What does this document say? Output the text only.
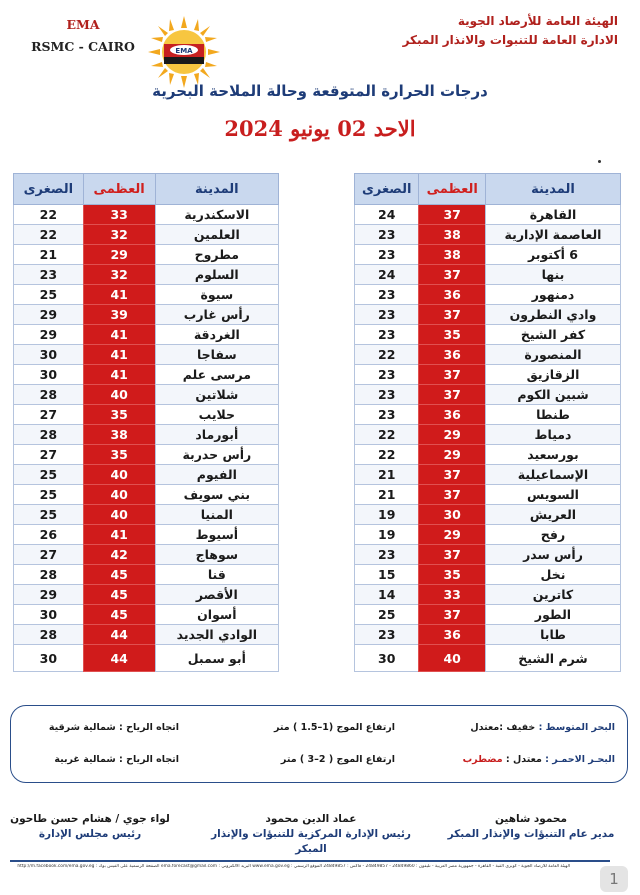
EMA
RSMC - CAIRO	EMA
الهيئة العامة للأرصاد الجوية
الادارة العامة للتنبوات والانذار المبكر
درجات الحرارة المتوقعة وحالة الملاحة البحرية
الاحد 02 يونيو 2024
المدينة	العظمى	الصغرى
الاسكندرية	33	22
العلمين	32	22
مطروح	29	21
السلوم	32	23
سيوة	41	25
رأس غارب	39	29
الغردقة	41	29
سفاجا	41	30
مرسى علم	41	30
شلاتين	40	28
حلايب	35	27
أبورماد	38	28
رأس حدربة	35	27
الفيوم	40	25
بني سويف	40	25
المنيا	40	25
أسيوط	41	26
سوهاج	42	27
قنا	45	28
الأقصر	45	29
أسوان	45	30
الوادي الجديد	44	28
أبو سمبل	44	30
المدينة	العظمى	الصغرى
القاهرة	37	24
العاصمة الإدارية	38	23
6 أكتوبر	38	23
بنها	37	24
دمنهور	36	23
وادي النطرون	37	23
كفر الشيخ	35	23
المنصورة	36	22
الزقازيق	37	23
شبين الكوم	37	23
طنطا	36	23
دمياط	29	22
بورسعيد	29	22
الإسماعيلية	37	21
السويس	37	21
العريش	30	19
رفح	29	19
رأس سدر	37	23
نخل	35	15
كاترين	33	14
الطور	37	25
طابا	36	23
شرم الشيخ	40	30
البحر المتوسط : خفيف :معتدل
ارتفاع الموج (1–1.5 ) متر
اتجاه الرياح : شمالية شرقية
البحـر الاحمـر : معتدل : مضطرب
ارتفاع الموج ( 2–3 ) متر
اتجاه الرياح : شمالية غربية
محمود شاهين
مدير عام التنبؤات والإنذار المبكر
عماد الدين محمود
رئيس الإدارة المركزية للتنبؤات والإنذار المبكر
لواء جوي / هشام حسن طاحون
رئيس مجلس الإدارة
الهيئة العامة للأرصاد الجوية - كوبري القبة - القاهرة - جمهورية مصر العربية - تليفون : 24849860 - 24849857 - فاكس : 24849857 الموقع الرسمي : www.ema.gov.eg البريد الالكتروني : ema.forecast@gmail.com الصفحة الرسمية على الفيس بوك : http://m.facebook.com/ema.gov.eg
1
